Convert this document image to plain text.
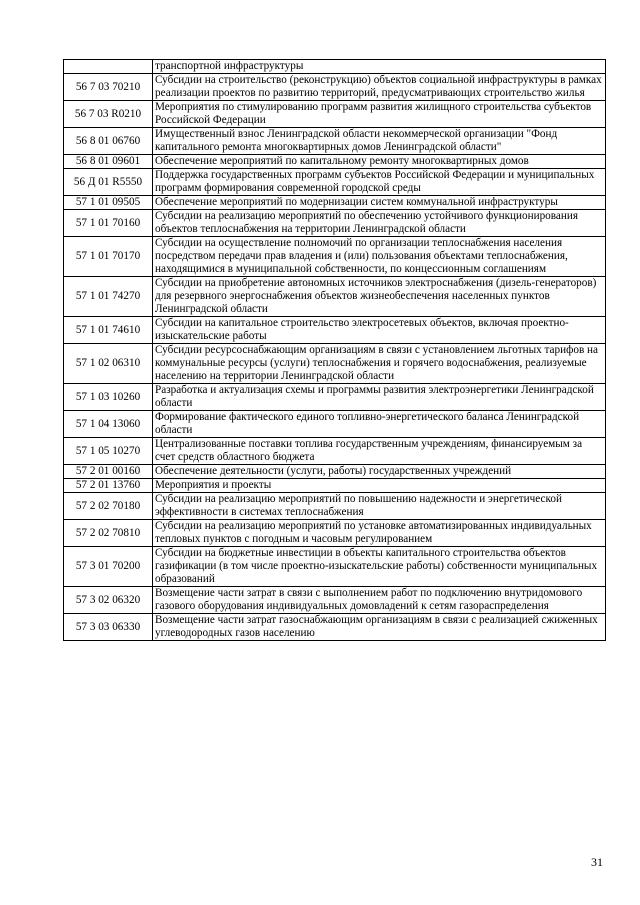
	транспортной инфраструктуры
56 7 03 70210	Субсидии на строительство (реконструкцию) объектов социальной инфраструктуры в рамках реализации проектов по развитию территорий, предусматривающих строительство жилья
56 7 03 R0210	Мероприятия по стимулированию программ развития жилищного строительства субъектов Российской Федерации
56 8 01 06760	Имущественный взнос Ленинградской области некоммерческой организации "Фонд капитального ремонта многоквартирных домов Ленинградской области"
56 8 01 09601	Обеспечение мероприятий по капитальному ремонту многоквартирных домов
56 Д 01 R5550	Поддержка государственных программ субъектов Российской Федерации и муниципальных программ формирования современной городской среды
57 1 01 09505	Обеспечение мероприятий по модернизации систем коммунальной инфраструктуры
57 1 01 70160	Субсидии на реализацию мероприятий по обеспечению устойчивого функционирования объектов теплоснабжения на территории Ленинградской области
57 1 01 70170	Субсидии на осуществление полномочий по организации теплоснабжения населения посредством передачи прав владения и (или) пользования объектами теплоснабжения, находящимися в муниципальной собственности, по концессионным соглашениям
57 1 01 74270	Субсидии на приобретение автономных источников электроснабжения (дизель-генераторов) для резервного энергоснабжения объектов жизнеобеспечения населенных пунктов Ленинградской области
57 1 01 74610	Субсидии на капитальное строительство электросетевых объектов, включая проектно-изыскательские работы
57 1 02 06310	Субсидии ресурсоснабжающим организациям в связи с установлением льготных тарифов на коммунальные ресурсы (услуги) теплоснабжения и горячего водоснабжения, реализуемые населению на территории Ленинградской области
57 1 03 10260	Разработка и актуализация схемы и программы развития электроэнергетики Ленинградской области
57 1 04 13060	Формирование фактического единого топливно-энергетического баланса Ленинградской области
57 1 05 10270	Централизованные поставки топлива государственным учреждениям, финансируемым за счет средств областного бюджета
57 2 01 00160	Обеспечение деятельности (услуги, работы) государственных учреждений
57 2 01 13760	Мероприятия и проекты
57 2 02 70180	Субсидии на реализацию мероприятий по повышению надежности и энергетической эффективности в системах теплоснабжения
57 2 02 70810	Субсидии на реализацию мероприятий по установке автоматизированных индивидуальных тепловых пунктов с погодным и часовым регулированием
57 3 01 70200	Субсидии на бюджетные инвестиции в объекты капитального строительства объектов газификации (в том числе проектно-изыскательские работы) собственности муниципальных образований
57 3 02 06320	Возмещение части затрат в связи с выполнением работ по подключению внутридомового газового оборудования индивидуальных домовладений к сетям газораспределения
57 3 03 06330	Возмещение части затрат газоснабжающим организациям в связи с реализацией сжиженных углеводородных газов населению
31
